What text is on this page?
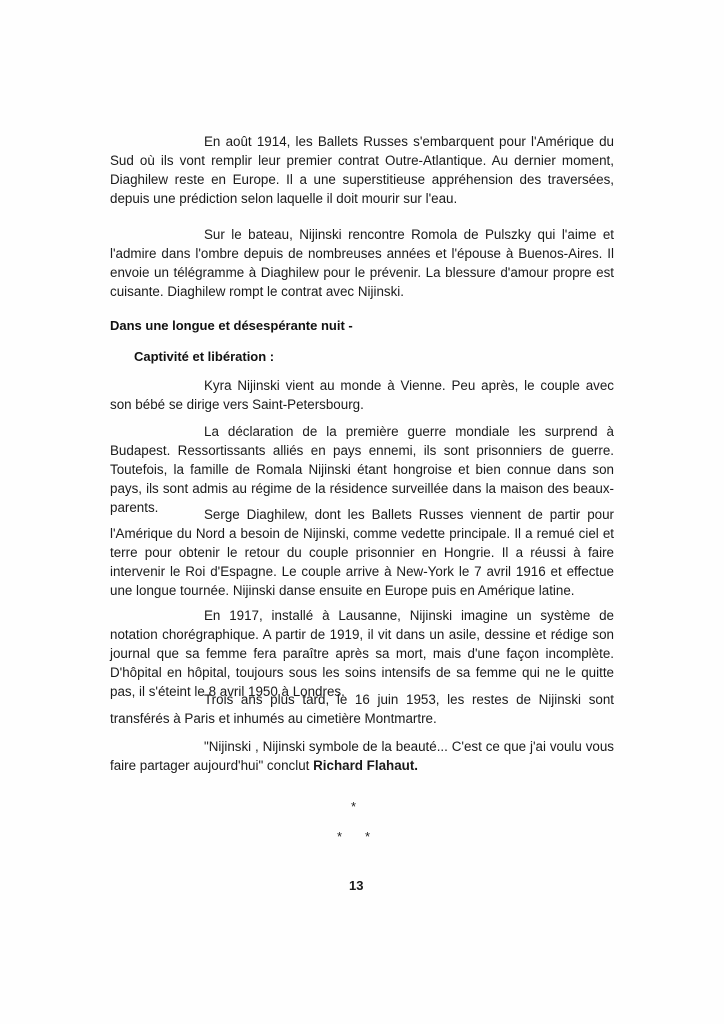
En août 1914, les Ballets Russes s'embarquent pour l'Amérique du Sud où ils vont remplir leur premier contrat Outre-Atlantique. Au dernier moment, Diaghilew reste en Europe. Il a une superstitieuse appréhension des traversées, depuis une prédiction selon laquelle il doit mourir sur l'eau.
Sur le bateau, Nijinski rencontre Romola de Pulszky qui l'aime et l'admire dans l'ombre depuis de nombreuses années et l'épouse à Buenos-Aires. Il envoie un télégramme à Diaghilew pour le prévenir. La blessure d'amour propre est cuisante. Diaghilew rompt le contrat avec Nijinski.
Dans une longue et désespérante nuit -
Captivité et libération :
Kyra Nijinski vient au monde à Vienne. Peu après, le couple avec son bébé se dirige vers Saint-Petersbourg.
La déclaration de la première guerre mondiale les surprend à Budapest. Ressortissants alliés en pays ennemi, ils sont prisonniers de guerre. Toutefois, la famille de Romala Nijinski étant hongroise et bien connue dans son pays, ils sont admis au régime de la résidence surveillée dans la maison des beaux-parents.	Serge Diaghilew, dont les Ballets Russes viennent de partir pour l'Amérique du Nord a besoin de Nijinski, comme vedette principale. Il a remué ciel et terre pour obtenir le retour du couple prisonnier en Hongrie. Il a réussi à faire intervenir le Roi d'Espagne. Le couple arrive à New-York le 7 avril 1916 et effectue une longue tournée. Nijinski danse ensuite en Europe puis en Amérique latine.
En 1917, installé à Lausanne, Nijinski imagine un système de notation chorégraphique. A partir de 1919, il vit dans un asile, dessine et rédige son journal que sa femme fera paraître après sa mort, mais d'une façon incomplète. D'hôpital en hôpital, toujours sous les soins intensifs de sa femme qui ne le quitte pas, il s'éteint le 8 avril 1950 à Londres.
Trois ans plus tard, le 16 juin 1953, les restes de Nijinski sont transférés à Paris et inhumés au cimetière Montmartre.
"Nijinski , Nijinski symbole de la beauté... C'est ce que j'ai voulu vous faire partager aujourd'hui" conclut Richard Flahaut.
*
* *
13
